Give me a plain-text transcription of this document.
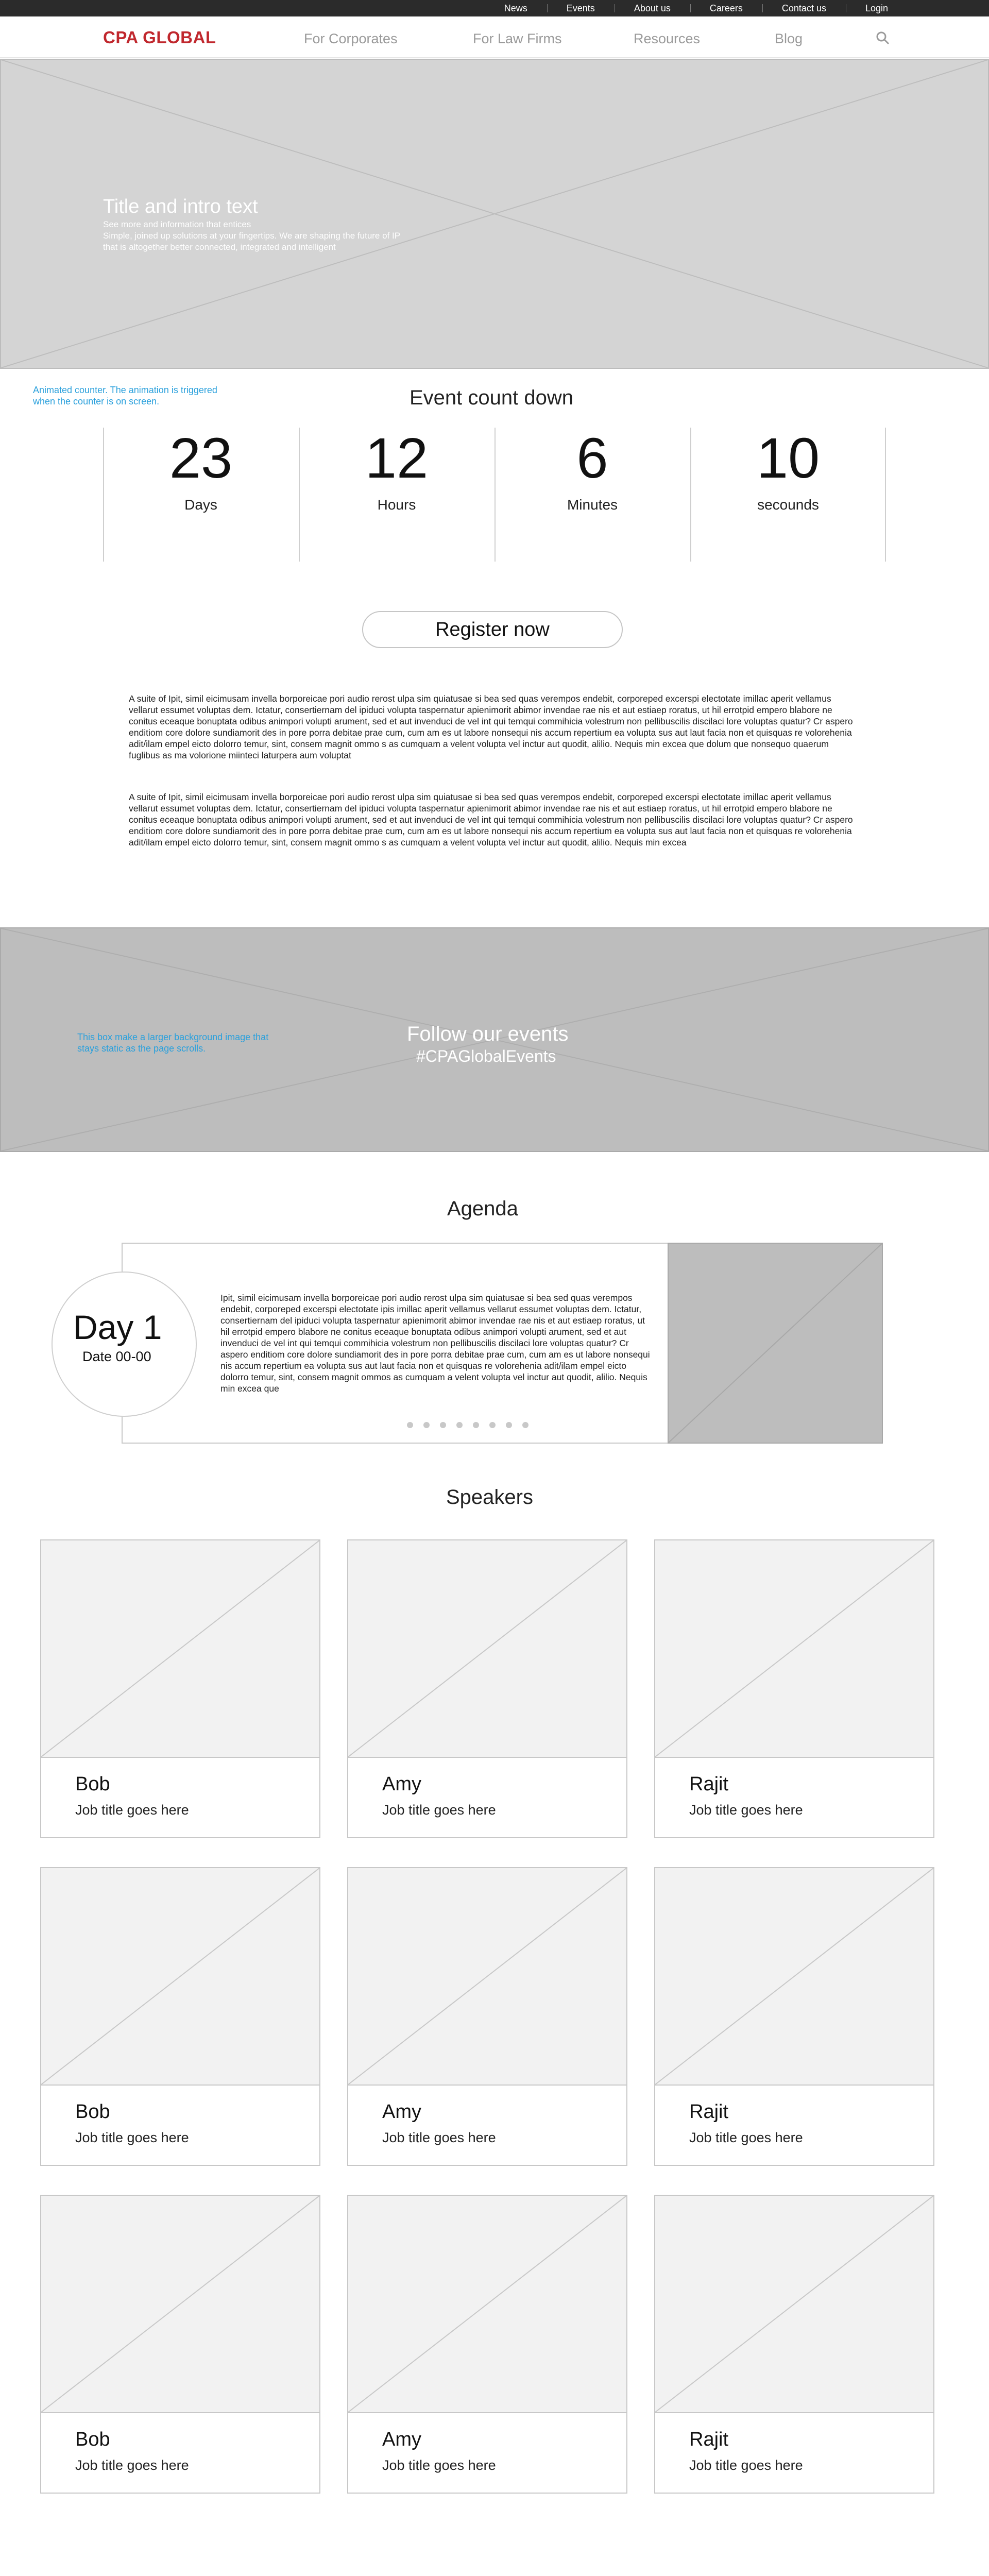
News	Events	About us	Careers	Contact us	Login
CPA GLOBAL	For Corporates	For Law Firms	Resources	Blog
Title and intro text
See more and information that entices
Simple, joined up solutions at your fingertips. We are shaping the future of IP
that is altogether better connected, integrated and intelligent
Animated counter. The animation is triggered
when the counter is on screen.	Event count down
23
Days
12
Hours
6
Minutes
10
secounds
Register now

A suite of Ipit, simil eicimusam invella borporeicae pori audio rerost ulpa sim quiatusae si bea sed quas verempos endebit, corporeped excerspi electotate imillac aperit vellamus vellarut essumet voluptas dem. Ictatur, consertiernam del ipiduci volupta taspernatur apienimorit abimor invendae rae nis et aut estiaep roratus, ut hil errotpid empero blabore ne conitus eceaque bonuptata odibus animpori volupti arument, sed et aut invenduci de vel int qui temqui commihicia volestrum non pellibuscilis discilaci lore voluptas quatur? Cr aspero enditiom core dolore sundiamorit des in pore porra debitae prae cum, cum am es ut labore nonsequi nis accum repertium ea volupta sus aut laut facia non et quisquas re volorehenia adit/ilam empel eicto dolorro temur, sint, consem magnit ommo s as cumquam a velent volupta vel inctur aut quodit, alilio. Nequis min excea que dolum que nonsequo quaerum fuglibus as ma volorione miinteci laturpera aum voluptat

A suite of Ipit, simil eicimusam invella borporeicae pori audio rerost ulpa sim quiatusae si bea sed quas verempos endebit, corporeped excerspi electotate imillac aperit vellamus vellarut essumet voluptas dem. Ictatur, consertiernam del ipiduci volupta taspernatur apienimorit abimor invendae rae nis et aut estiaep roratus, ut hil errotpid empero blabore ne conitus eceaque bonuptata odibus animpori volupti arument, sed et aut invenduci de vel int qui temqui commihicia volestrum non pellibuscilis discilaci lore voluptas quatur? Cr aspero enditiom core dolore sundiamorit des in pore porra debitae prae cum, cum am es ut labore nonsequi nis accum repertium ea volupta sus aut laut facia non et quisquas re volorehenia adit/ilam empel eicto dolorro temur, sint, consem magnit ommo s as cumquam a velent volupta vel inctur aut quodit, alilio. Nequis min excea

This box make a larger background image that
stays static as the page scrolls.
Follow our events
#CPAGlobalEvents
Agenda
Day 1
Date 00-00

Ipit, simil eicimusam invella borporeicae pori audio rerost ulpa sim quiatusae si bea sed quas verempos endebit, corporeped excerspi electotate ipis imillac aperit vellamus vellarut essumet voluptas dem. Ictatur, consertiernam del ipiduci volupta taspernatur apienimorit abimor invendae rae nis et aut estiaep roratus, ut hil errotpid empero blabore ne conitus eceaque bonuptata odibus animpori volupti arument, sed et aut invenduci de vel int qui temqui commihicia volestrum non pellibuscilis discilaci lore voluptas quatur? Cr aspero enditiom core dolore sundiamorit des in pore porra debitae prae cum, cum am es ut labore nonsequi nis accum repertium ea volupta sus aut laut facia non et quisquas re volorehenia adit/ilam empel eicto dolorro temur, sint, consem magnit ommos as cumquam a velent volupta vel inctur aut quodit, alilio. Nequis min excea que

Speakers
Bob
Job title goes here
Amy
Job title goes here
Rajit
Job title goes here
Bob
Job title goes here
Amy
Job title goes here
Rajit
Job title goes here
Bob
Job title goes here
Amy
Job title goes here
Rajit
Job title goes here
